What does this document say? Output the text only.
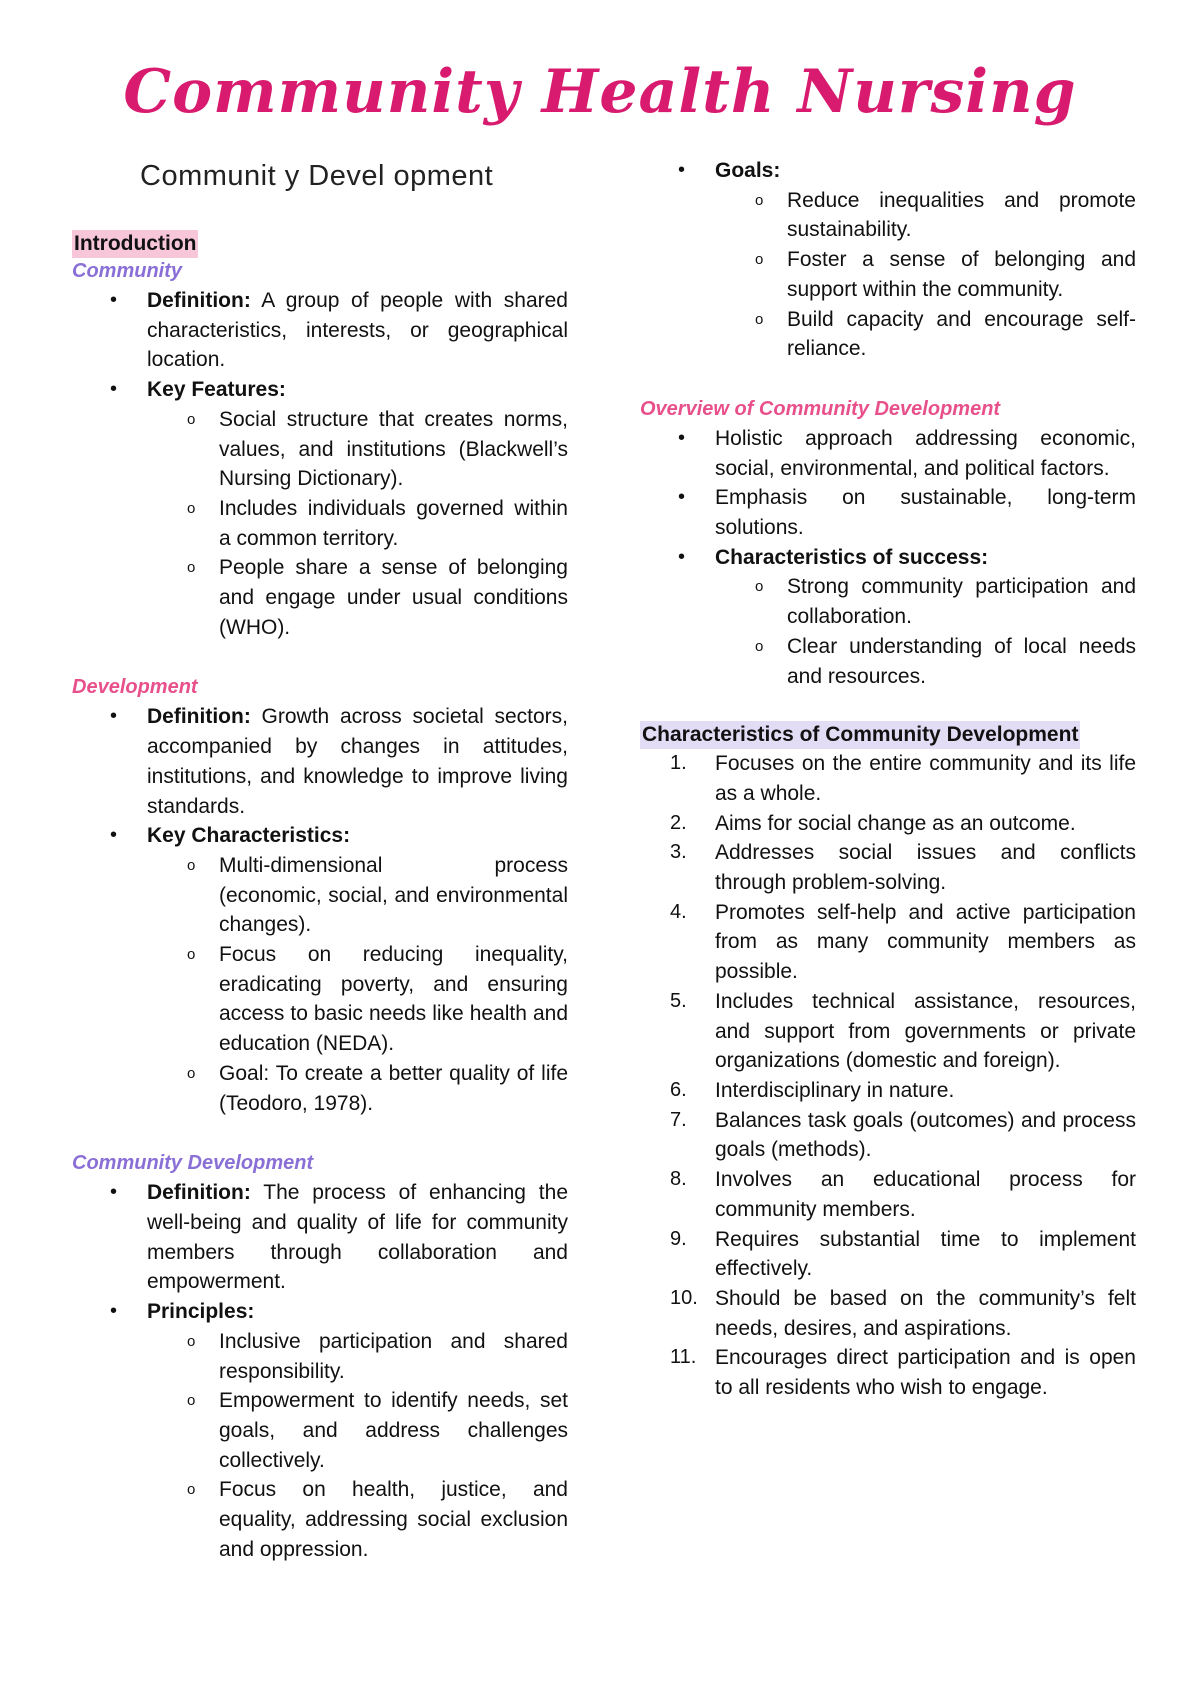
Community Health Nursing
Communit y Devel opment
Introduction
Community
• Definition: A group of people with shared characteristics, interests, or geographical location.
• Key Features:
o Social structure that creates norms, values, and institutions (Blackwell’s Nursing Dictionary).
o Includes individuals governed within a common territory.
o People share a sense of belonging and engage under usual conditions (WHO).
Development
• Definition: Growth across societal sectors, accompanied by changes in attitudes, institutions, and knowledge to improve living standards.
• Key Characteristics:
o Multi-dimensional process (economic, social, and environmental changes).
o Focus on reducing inequality, eradicating poverty, and ensuring access to basic needs like health and education (NEDA).
o Goal: To create a better quality of life (Teodoro, 1978).
Community Development
• Definition: The process of enhancing the well-being and quality of life for community members through collaboration and empowerment.
• Principles:
o Inclusive participation and shared responsibility.
o Empowerment to identify needs, set goals, and address challenges collectively.
o Focus on health, justice, and equality, addressing social exclusion and oppression.
• Goals:
o Reduce inequalities and promote sustainability.
o Foster a sense of belonging and support within the community.
o Build capacity and encourage self-reliance.
Overview of Community Development
• Holistic approach addressing economic, social, environmental, and political factors.
• Emphasis on sustainable, long-term solutions.
• Characteristics of success:
o Strong community participation and collaboration.
o Clear understanding of local needs and resources.
Characteristics of Community Development
1. Focuses on the entire community and its life as a whole.
2. Aims for social change as an outcome.
3. Addresses social issues and conflicts through problem-solving.
4. Promotes self-help and active participation from as many community members as possible.
5. Includes technical assistance, resources, and support from governments or private organizations (domestic and foreign).
6. Interdisciplinary in nature.
7. Balances task goals (outcomes) and process goals (methods).
8. Involves an educational process for community members.
9. Requires substantial time to implement effectively.
10. Should be based on the community’s felt needs, desires, and aspirations.
11. Encourages direct participation and is open to all residents who wish to engage.
